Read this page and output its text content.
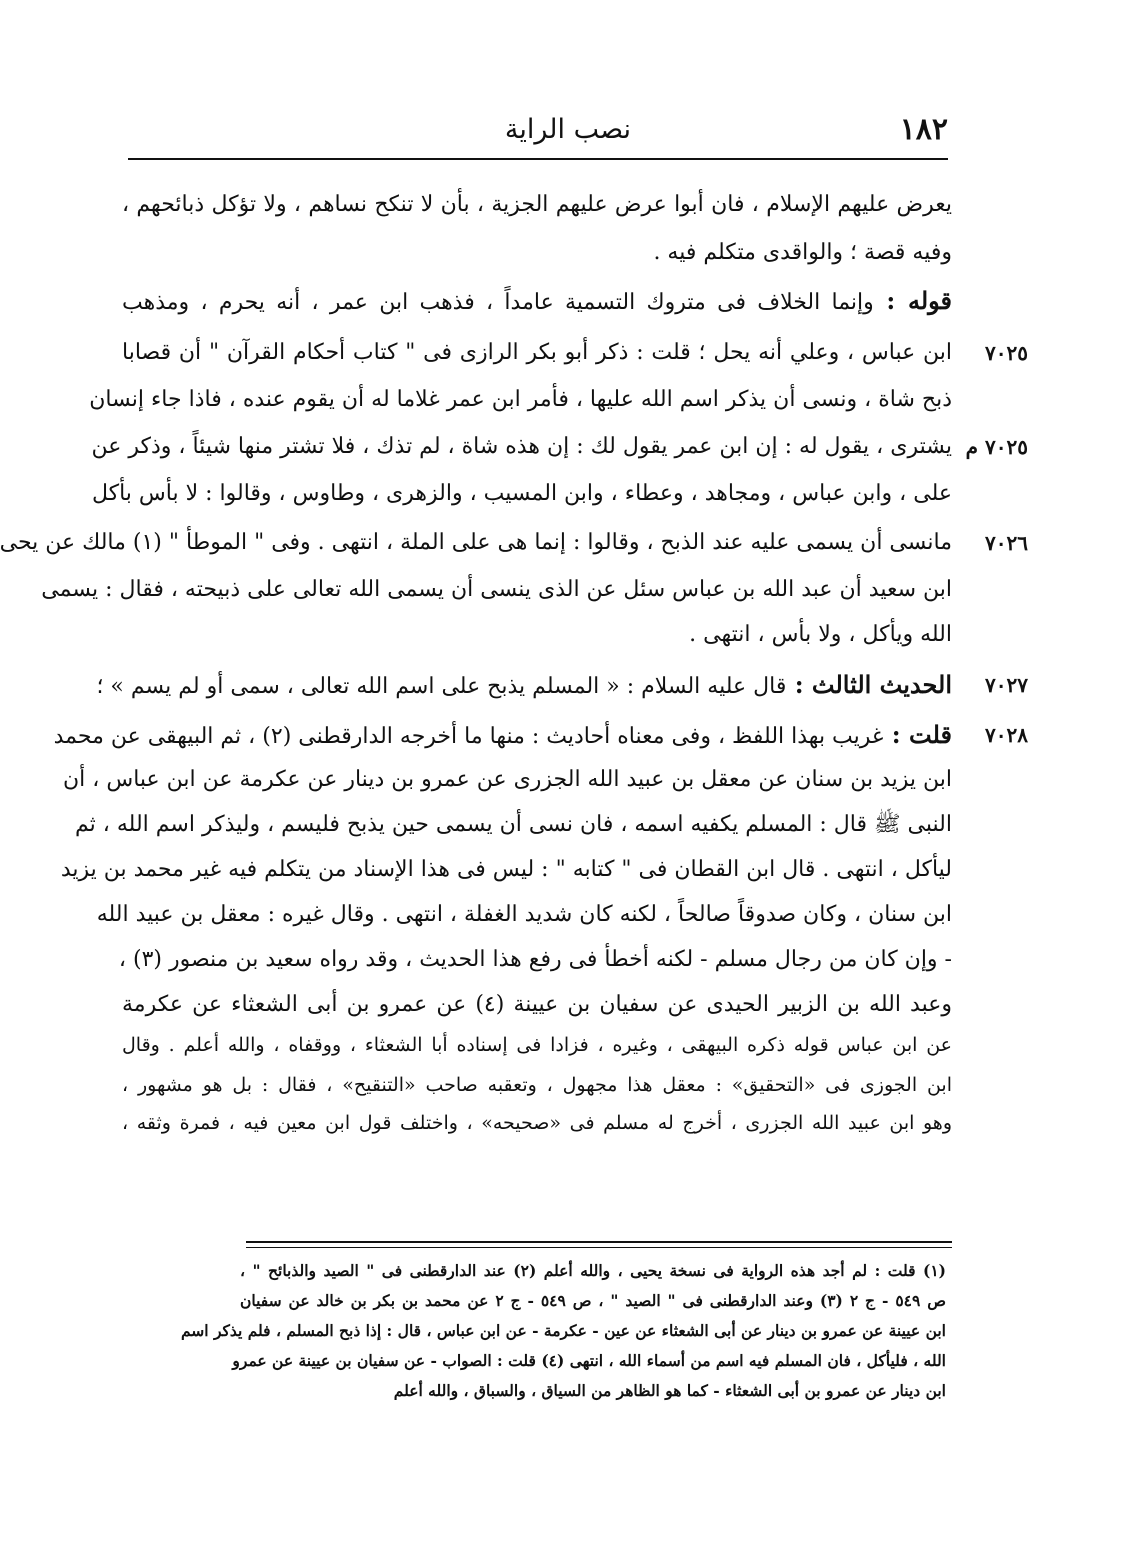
١٨٢
نصب الراية
يعرض عليهم الإسلام ، فان أبوا عرض عليهم الجزية ، بأن لا تنكح نساهم ، ولا تؤكل ذبائحهم ،
وفيه قصة ؛ والواقدى متكلم فيه .
قوله : وإنما الخلاف فى متروك التسمية عامداً ، فذهب ابن عمر ، أنه يحرم ، ومذهب
٧٠٢٥
ابن عباس ، وعلي أنه يحل ؛ قلت : ذكر أبو بكر الرازى فى " كتاب أحكام القرآن " أن قصابا
ذبح شاة ، ونسى أن يذكر اسم الله عليها ، فأمر ابن عمر غلاما له أن يقوم عنده ، فاذا جاء إنسان
٧٠٢٥ م
يشترى ، يقول له : إن ابن عمر يقول لك : إن هذه شاة ، لم تذك ، فلا تشتر منها شيئاً ، وذكر عن
على ، وابن عباس ، ومجاهد ، وعطاء ، وابن المسيب ، والزهرى ، وطاوس ، وقالوا : لا بأس بأكل
٧٠٢٦
مانسى أن يسمى عليه عند الذبح ، وقالوا : إنما هى على الملة ، انتهى . وفى " الموطأ " (١) مالك عن يحى
ابن سعيد أن عبد الله بن عباس سئل عن الذى ينسى أن يسمى الله تعالى على ذبيحته ، فقال : يسمى
الله ويأكل ، ولا بأس ، انتهى .
٧٠٢٧
الحديث الثالث : قال عليه السلام : « المسلم يذبح على اسم الله تعالى ، سمى أو لم يسم » ؛
٧٠٢٨
قلت : غريب بهذا اللفظ ، وفى معناه أحاديث : منها ما أخرجه الدارقطنى (٢) ، ثم البيهقى عن محمد
ابن يزيد بن سنان عن معقل بن عبيد الله الجزرى عن عمرو بن دينار عن عكرمة عن ابن عباس ، أن
النبى ﷺ قال : المسلم يكفيه اسمه ، فان نسى أن يسمى حين يذبح فليسم ، وليذكر اسم الله ، ثم
ليأكل ، انتهى . قال ابن القطان فى " كتابه " : ليس فى هذا الإسناد من يتكلم فيه غير محمد بن يزيد
ابن سنان ، وكان صدوقاً صالحاً ، لكنه كان شديد الغفلة ، انتهى . وقال غيره : معقل بن عبيد الله
- وإن كان من رجال مسلم - لكنه أخطأ فى رفع هذا الحديث ، وقد رواه سعيد بن منصور (٣) ،
وعبد الله بن الزبير الحيدى عن سفيان بن عيينة (٤) عن عمرو بن أبى الشعثاء عن عكرمة
عن ابن عباس قوله ذكره البيهقى ، وغيره ، فزادا فى إسناده أبا الشعثاء ، ووقفاه ، والله أعلم . وقال
ابن الجوزى فى «التحقيق» : معقل هذا مجهول ، وتعقبه صاحب «التنقيح» ، فقال : بل هو مشهور ،
وهو ابن عبيد الله الجزرى ، أخرج له مسلم فى «صحيحه» ، واختلف قول ابن معين فيه ، فمرة وثقه ،
(١) قلت : لم أجد هذه الرواية فى نسخة يحيى ، والله أعلم (٢) عند الدارقطنى فى " الصيد والذبائح " ،
ص ٥٤٩ - ج ٢ (٣) وعند الدارقطنى فى " الصيد " ، ص ٥٤٩ - ج ٢ عن محمد بن بكر بن خالد عن سفيان
ابن عيينة عن عمرو بن دينار عن أبى الشعثاء عن عين - عكرمة - عن ابن عباس ، قال : إذا ذبح المسلم ، فلم يذكر اسم
الله ، فليأكل ، فان المسلم فيه اسم من أسماء الله ، انتهى (٤) قلت : الصواب - عن سفيان بن عيينة عن عمرو
ابن دينار عن عمرو بن أبى الشعثاء - كما هو الظاهر من السياق ، والسباق ، والله أعلم
